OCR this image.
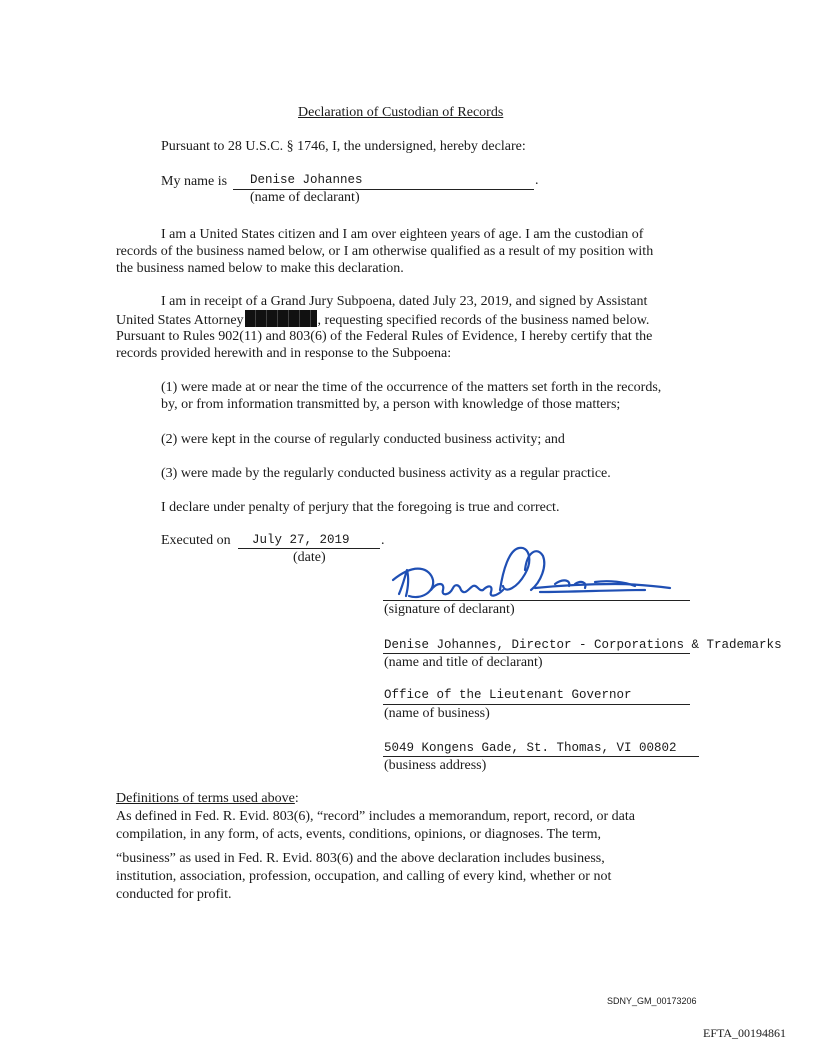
Declaration of Custodian of Records
Pursuant to 28 U.S.C. § 1746, I, the undersigned, hereby declare:
My name is Denise Johannes	.
(name of declarant)
I am a United States citizen and I am over eighteen years of age. I am the custodian of
records of the business named below, or I am otherwise qualified as a result of my position with
the business named below to make this declaration.
I am in receipt of a Grand Jury Subpoena, dated July 23, 2019, and signed by Assistant
United States Attorney	, requesting specified records of the business named below.
Pursuant to Rules 902(11) and 803(6) of the Federal Rules of Evidence, I hereby certify that the
records provided herewith and in response to the Subpoena:
(1) were made at or near the time of the occurrence of the matters set forth in the records,
by, or from information transmitted by, a person with knowledge of those matters;
(2) were kept in the course of regularly conducted business activity; and
(3) were made by the regularly conducted business activity as a regular practice.
I declare under penalty of perjury that the foregoing is true and correct.
Executed on July 27, 2019 .
(date)
(signature of declarant)
Denise Johannes, Director - Corporations & Trademarks
(name and title of declarant)
Office of the Lieutenant Governor
(name of business)
5049 Kongens Gade, St. Thomas, VI 00802
(business address)
Definitions of terms used above:
As defined in Fed. R. Evid. 803(6), “record” includes a memorandum, report, record, or data
compilation, in any form, of acts, events, conditions, opinions, or diagnoses. The term,
“business” as used in Fed. R. Evid. 803(6) and the above declaration includes business,
institution, association, profession, occupation, and calling of every kind, whether or not
conducted for profit.
SDNY_GM_00173206
EFTA_00194861
